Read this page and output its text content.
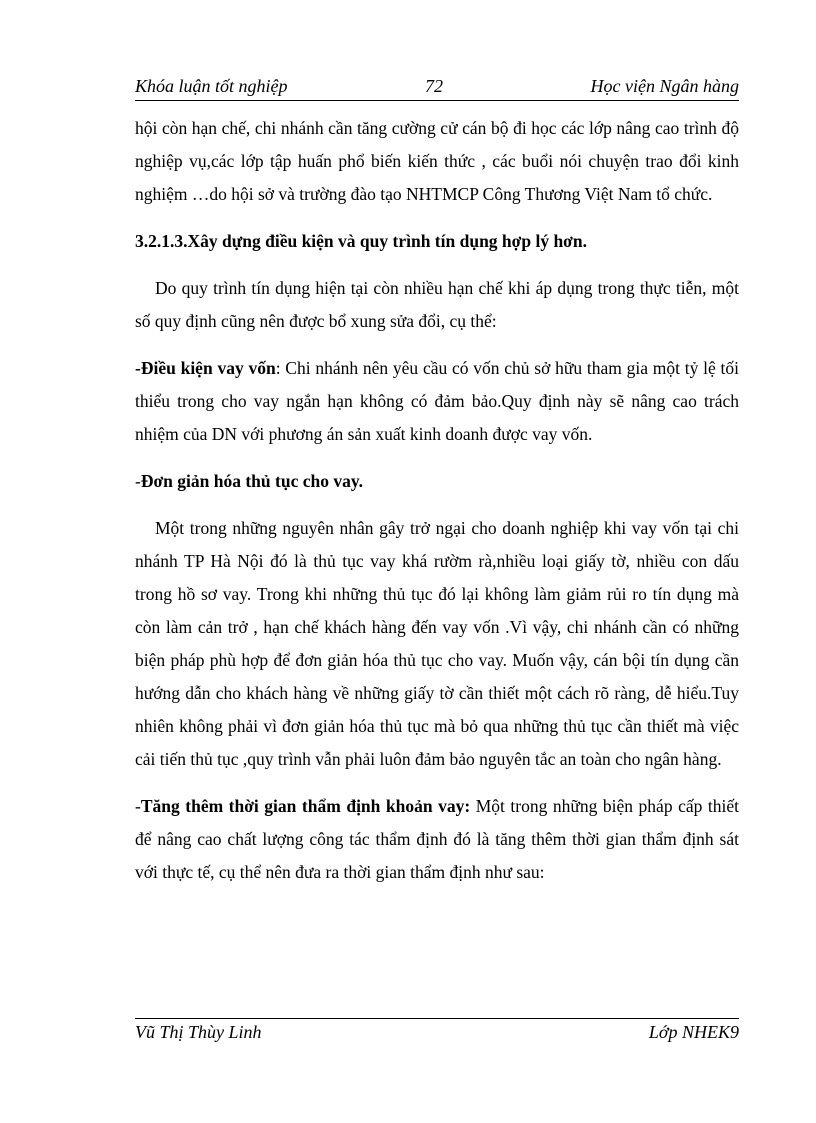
Khóa luận tốt nghiệp	72	Học viện Ngân hàng

hội còn hạn chế, chi nhánh cần tăng cường cử cán bộ đi học các lớp nâng cao trình độ nghiệp vụ,các lớp tập huấn phổ biến kiến thức , các buổi nói chuyện trao đổi kinh nghiệm …do hội sở và trường đào tạo NHTMCP Công Thương Việt Nam tổ chức.

3.2.1.3.Xây dựng điều kiện và quy trình tín dụng hợp lý hơn.

Do quy trình tín dụng hiện tại còn nhiều hạn chế khi áp dụng trong thực tiễn, một số quy định cũng nên được bổ xung sửa đổi, cụ thể:

-Điều kiện vay vốn: Chi nhánh nên yêu cầu có vốn chủ sở hữu tham gia một tỷ lệ tối thiểu trong cho vay ngắn hạn không có đảm bảo.Quy định này sẽ nâng cao trách nhiệm của DN với phương án sản xuất kinh doanh được vay vốn.

-Đơn giản hóa thủ tục cho vay.

Một trong những nguyên nhân gây trở ngại cho doanh nghiệp khi vay vốn tại chi nhánh TP Hà Nội đó là thủ tục vay khá rườm rà,nhiều loại giấy tờ, nhiều con dấu trong hồ sơ vay. Trong khi những thủ tục đó lại không làm giảm rủi ro tín dụng mà còn làm cản trở , hạn chế khách hàng đến vay vốn .Vì vậy, chi nhánh cần có những biện pháp phù hợp để đơn giản hóa thủ tục cho vay. Muốn vậy, cán bội tín dụng cần hướng dẫn cho khách hàng về những giấy tờ cần thiết một cách rõ ràng, dễ hiểu.Tuy nhiên không phải vì đơn giản hóa thủ tục mà bỏ qua những thủ tục cần thiết mà việc cải tiến thủ tục ,quy trình vẫn phải luôn đảm bảo nguyên tắc an toàn cho ngân hàng.

-Tăng thêm thời gian thẩm định khoản vay: Một trong những biện pháp cấp thiết để nâng cao chất lượng công tác thẩm định đó là tăng thêm thời gian thẩm định sát với thực tế, cụ thể nên đưa ra thời gian thẩm định như sau:

Vũ Thị Thùy Linh	Lớp NHEK9
